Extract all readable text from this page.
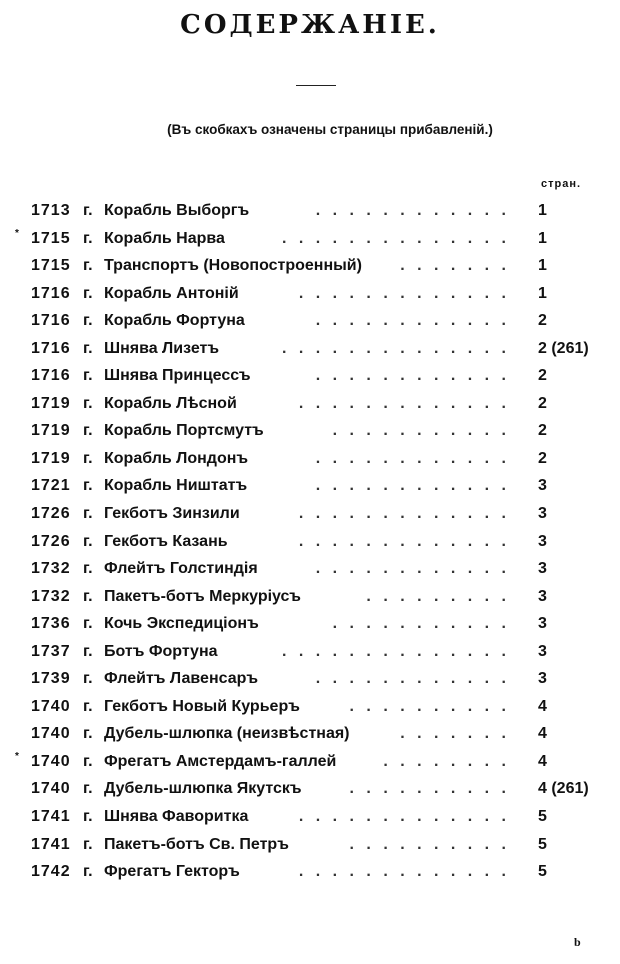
СОДЕРЖАНІЕ.
(Въ скобкахъ означены страницы прибавленій.)
стран.
1713 г. Корабль Выборгъ	. . . . . . . . . . . . 1
* 1715 г. Корабль Нарва	. . . . . . . . . . . . . . 1
1715 г. Транспортъ (Новопостроенный) . . . . . . . 1
1716 г. Корабль Антоній	. . . . . . . . . . . . . 1
1716 г. Корабль Фортуна	. . . . . . . . . . . . 2
1716 г. Шнява Лизетъ	. . . . . . . . . . . . . . 2 (261)
1716 г. Шнява Принцессъ	. . . . . . . . . . . . 2
1719 г. Корабль Лѣсной	. . . . . . . . . . . . . 2
1719 г. Корабль Портсмутъ	. . . . . . . . . . . 2
1719 г. Корабль Лондонъ	. . . . . . . . . . . . 2
1721 г. Корабль Ништатъ	. . . . . . . . . . . . 3
1726 г. Гекботъ Зинзили	. . . . . . . . . . . . . 3
1726 г. Гекботъ Казань	. . . . . . . . . . . . . 3
1732 г. Флейтъ Голстиндія	. . . . . . . . . . . . 3
1732 г. Пакетъ-ботъ Меркуріусъ	. . . . . . . . . 3
1736 г. Кочь Экспедиціонъ	. . . . . . . . . . . 3
1737 г. Ботъ Фортуна	. . . . . . . . . . . . . . 3
1739 г. Флейтъ Лавенсаръ	. . . . . . . . . . . . 3
1740 г. Гекботъ Новый Курьеръ	. . . . . . . . . . 4
1740 г. Дубель-шлюпка (неизвѣстная)	. . . . . . . 4
* 1740 г. Фрегатъ Амстердамъ-галлей	. . . . . . . . 4
1740 г. Дубель-шлюпка Якутскъ	. . . . . . . . . . 4 (261)
1741 г. Шнява Фаворитка	. . . . . . . . . . . . . 5
1741 г. Пакетъ-ботъ Св. Петръ	. . . . . . . . . . 5
1742 г. Фрегатъ Гекторъ	. . . . . . . . . . . . . 5
b
